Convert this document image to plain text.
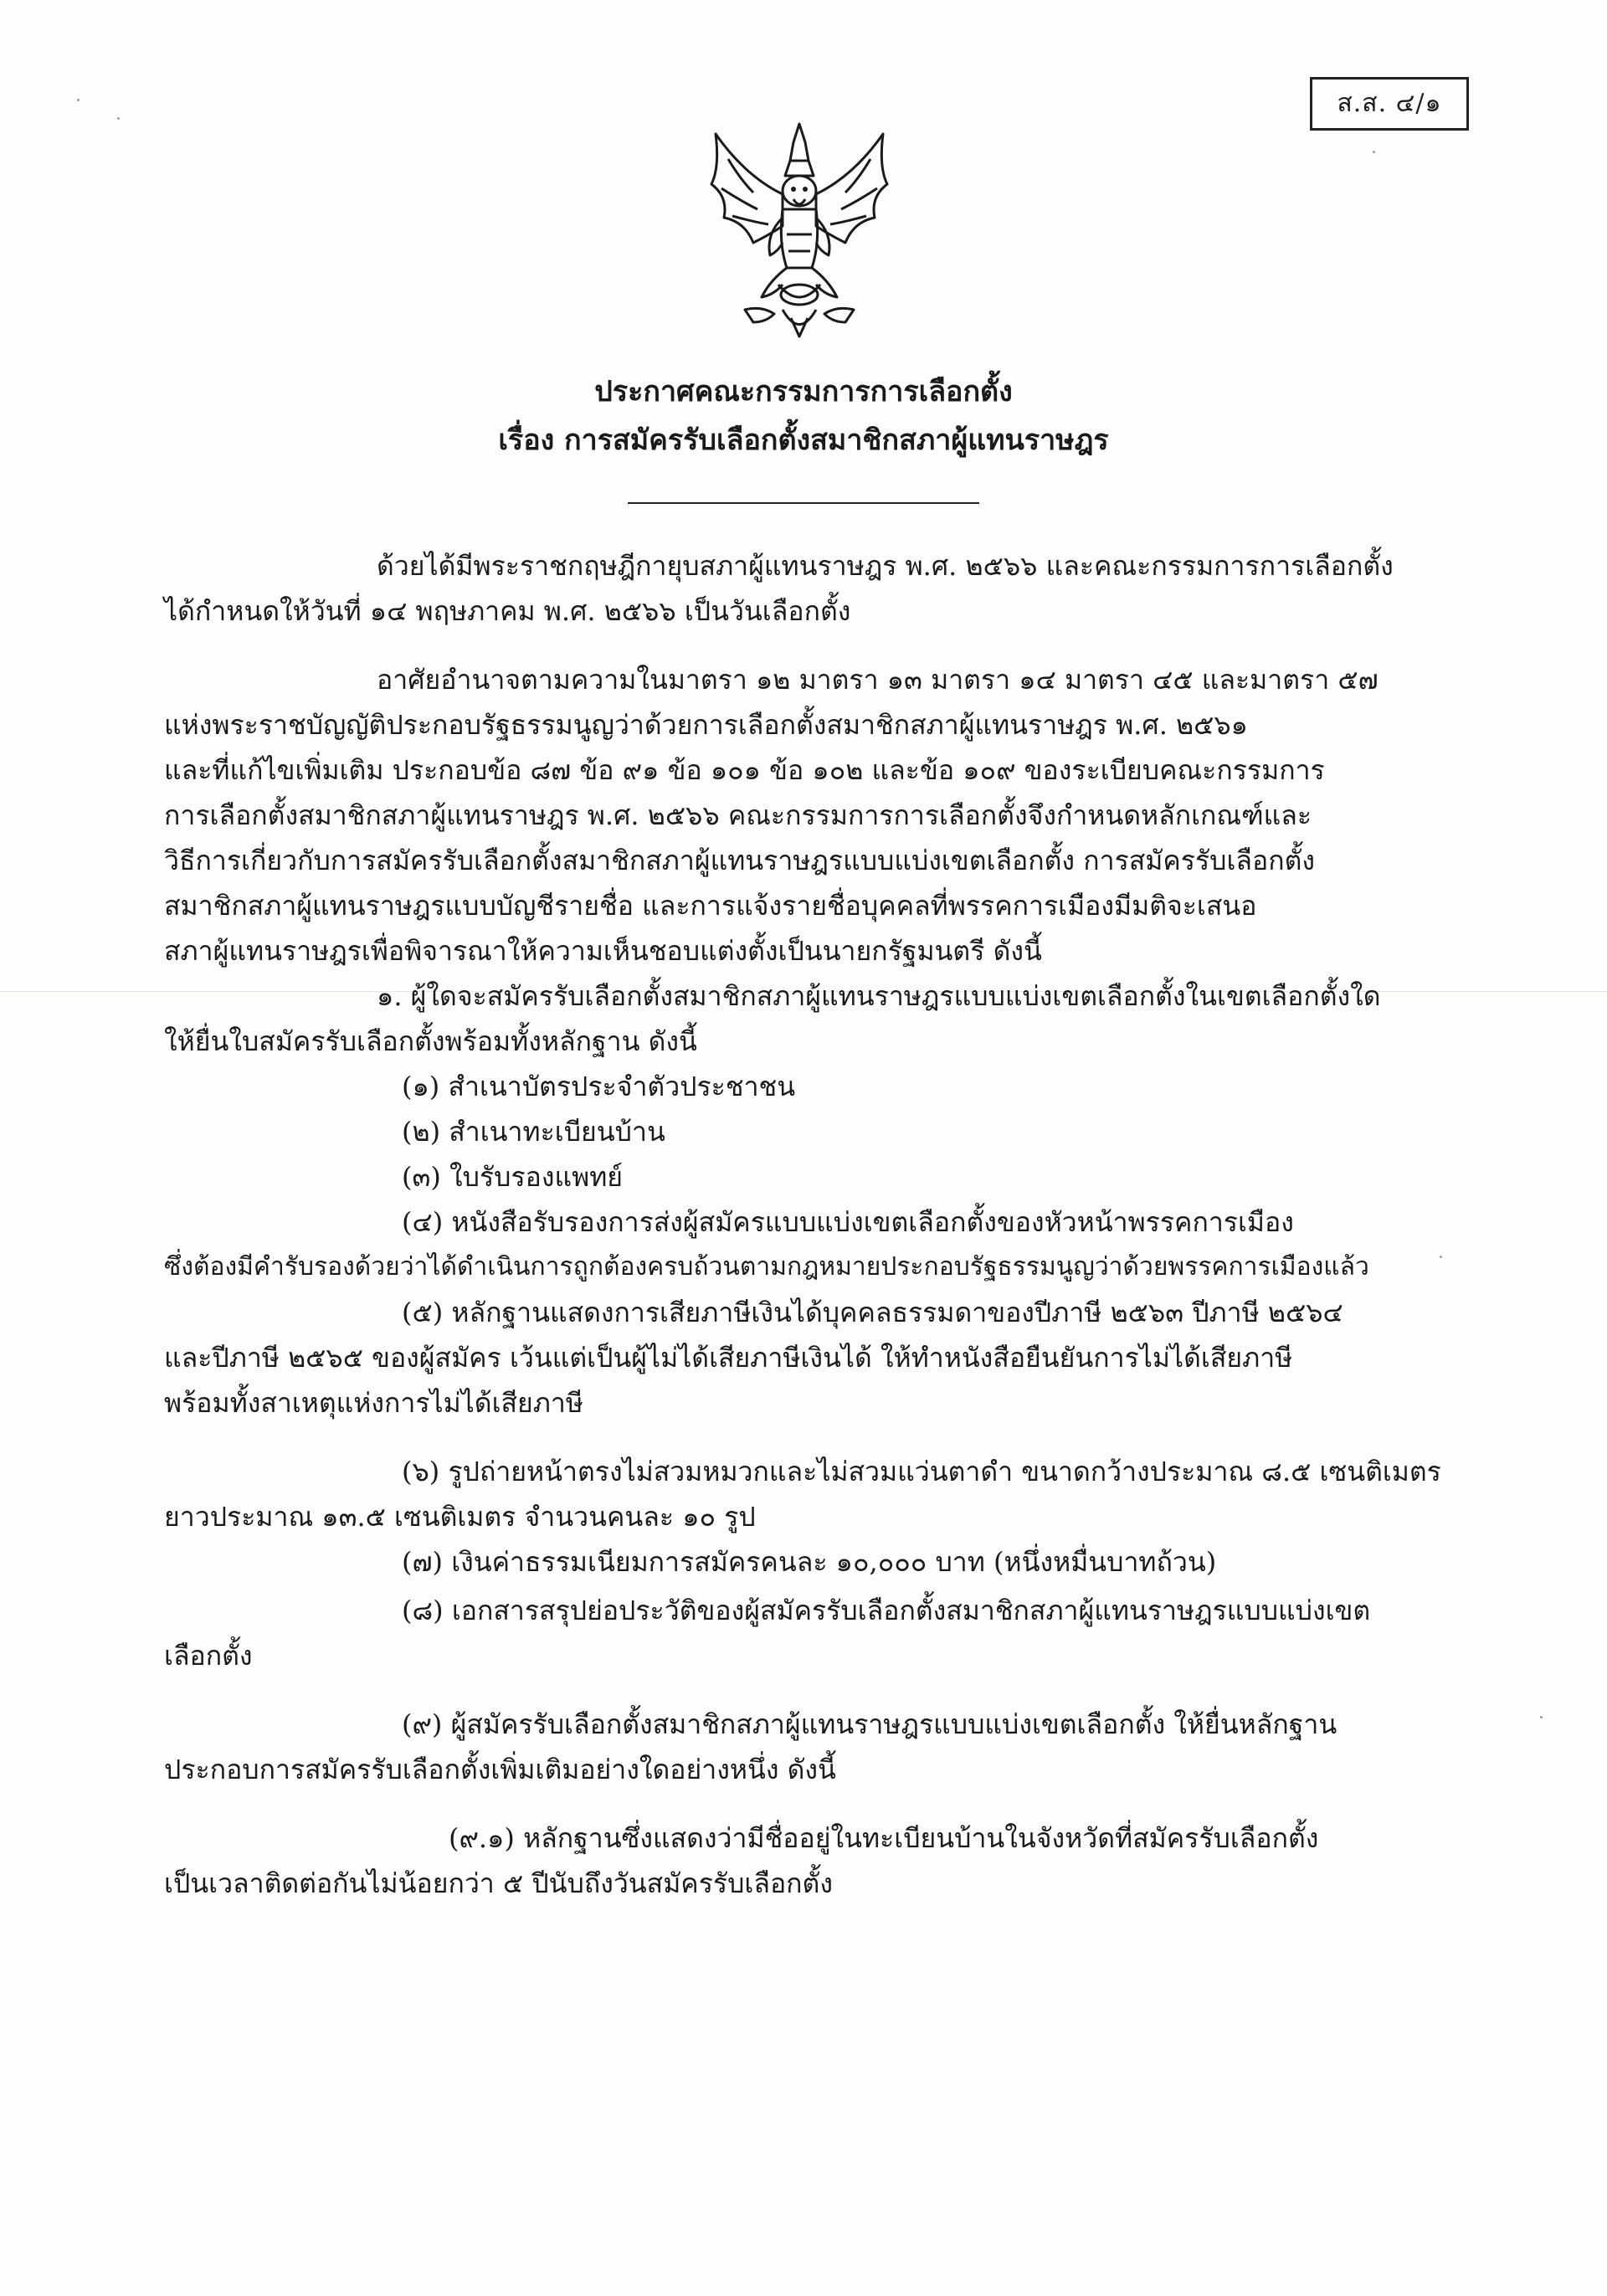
ส.ส. ๔/๑
ประกาศคณะกรรมการการเลือกตั้ง
เรื่อง การสมัครรับเลือกตั้งสมาชิกสภาผู้แทนราษฎร
ด้วยได้มีพระราชกฤษฎีกายุบสภาผู้แทนราษฎร พ.ศ. ๒๕๖๖ และคณะกรรมการการเลือกตั้ง
ได้กำหนดให้วันที่ ๑๔ พฤษภาคม พ.ศ. ๒๕๖๖ เป็นวันเลือกตั้ง
อาศัยอำนาจตามความในมาตรา ๑๒ มาตรา ๑๓ มาตรา ๑๔ มาตรา ๔๕ และมาตรา ๕๗
แห่งพระราชบัญญัติประกอบรัฐธรรมนูญว่าด้วยการเลือกตั้งสมาชิกสภาผู้แทนราษฎร พ.ศ. ๒๕๖๑
และที่แก้ไขเพิ่มเติม ประกอบข้อ ๘๗ ข้อ ๙๑ ข้อ ๑๐๑ ข้อ ๑๐๒ และข้อ ๑๐๙ ของระเบียบคณะกรรมการ
การเลือกตั้งสมาชิกสภาผู้แทนราษฎร พ.ศ. ๒๕๖๖ คณะกรรมการการเลือกตั้งจึงกำหนดหลักเกณฑ์และ
วิธีการเกี่ยวกับการสมัครรับเลือกตั้งสมาชิกสภาผู้แทนราษฎรแบบแบ่งเขตเลือกตั้ง การสมัครรับเลือกตั้ง
สมาชิกสภาผู้แทนราษฎรแบบบัญชีรายชื่อ และการแจ้งรายชื่อบุคคลที่พรรคการเมืองมีมติจะเสนอ
สภาผู้แทนราษฎรเพื่อพิจารณาให้ความเห็นชอบแต่งตั้งเป็นนายกรัฐมนตรี ดังนี้
๑. ผู้ใดจะสมัครรับเลือกตั้งสมาชิกสภาผู้แทนราษฎรแบบแบ่งเขตเลือกตั้งในเขตเลือกตั้งใด
ให้ยื่นใบสมัครรับเลือกตั้งพร้อมทั้งหลักฐาน ดังนี้
(๑) สำเนาบัตรประจำตัวประชาชน
(๒) สำเนาทะเบียนบ้าน
(๓) ใบรับรองแพทย์
(๔) หนังสือรับรองการส่งผู้สมัครแบบแบ่งเขตเลือกตั้งของหัวหน้าพรรคการเมือง
ซึ่งต้องมีคำรับรองด้วยว่าได้ดำเนินการถูกต้องครบถ้วนตามกฎหมายประกอบรัฐธรรมนูญว่าด้วยพรรคการเมืองแล้ว
(๕) หลักฐานแสดงการเสียภาษีเงินได้บุคคลธรรมดาของปีภาษี ๒๕๖๓ ปีภาษี ๒๕๖๔
และปีภาษี ๒๕๖๕ ของผู้สมัคร เว้นแต่เป็นผู้ไม่ได้เสียภาษีเงินได้ ให้ทำหนังสือยืนยันการไม่ได้เสียภาษี
พร้อมทั้งสาเหตุแห่งการไม่ได้เสียภาษี
(๖) รูปถ่ายหน้าตรงไม่สวมหมวกและไม่สวมแว่นตาดำ ขนาดกว้างประมาณ ๘.๕ เซนติเมตร
ยาวประมาณ ๑๓.๕ เซนติเมตร จำนวนคนละ ๑๐ รูป
(๗) เงินค่าธรรมเนียมการสมัครคนละ ๑๐,๐๐๐ บาท (หนึ่งหมื่นบาทถ้วน)
(๘) เอกสารสรุปย่อประวัติของผู้สมัครรับเลือกตั้งสมาชิกสภาผู้แทนราษฎรแบบแบ่งเขต
เลือกตั้ง
(๙) ผู้สมัครรับเลือกตั้งสมาชิกสภาผู้แทนราษฎรแบบแบ่งเขตเลือกตั้ง ให้ยื่นหลักฐาน
ประกอบการสมัครรับเลือกตั้งเพิ่มเติมอย่างใดอย่างหนึ่ง ดังนี้
(๙.๑) หลักฐานซึ่งแสดงว่ามีชื่ออยู่ในทะเบียนบ้านในจังหวัดที่สมัครรับเลือกตั้ง
เป็นเวลาติดต่อกันไม่น้อยกว่า ๕ ปีนับถึงวันสมัครรับเลือกตั้ง
